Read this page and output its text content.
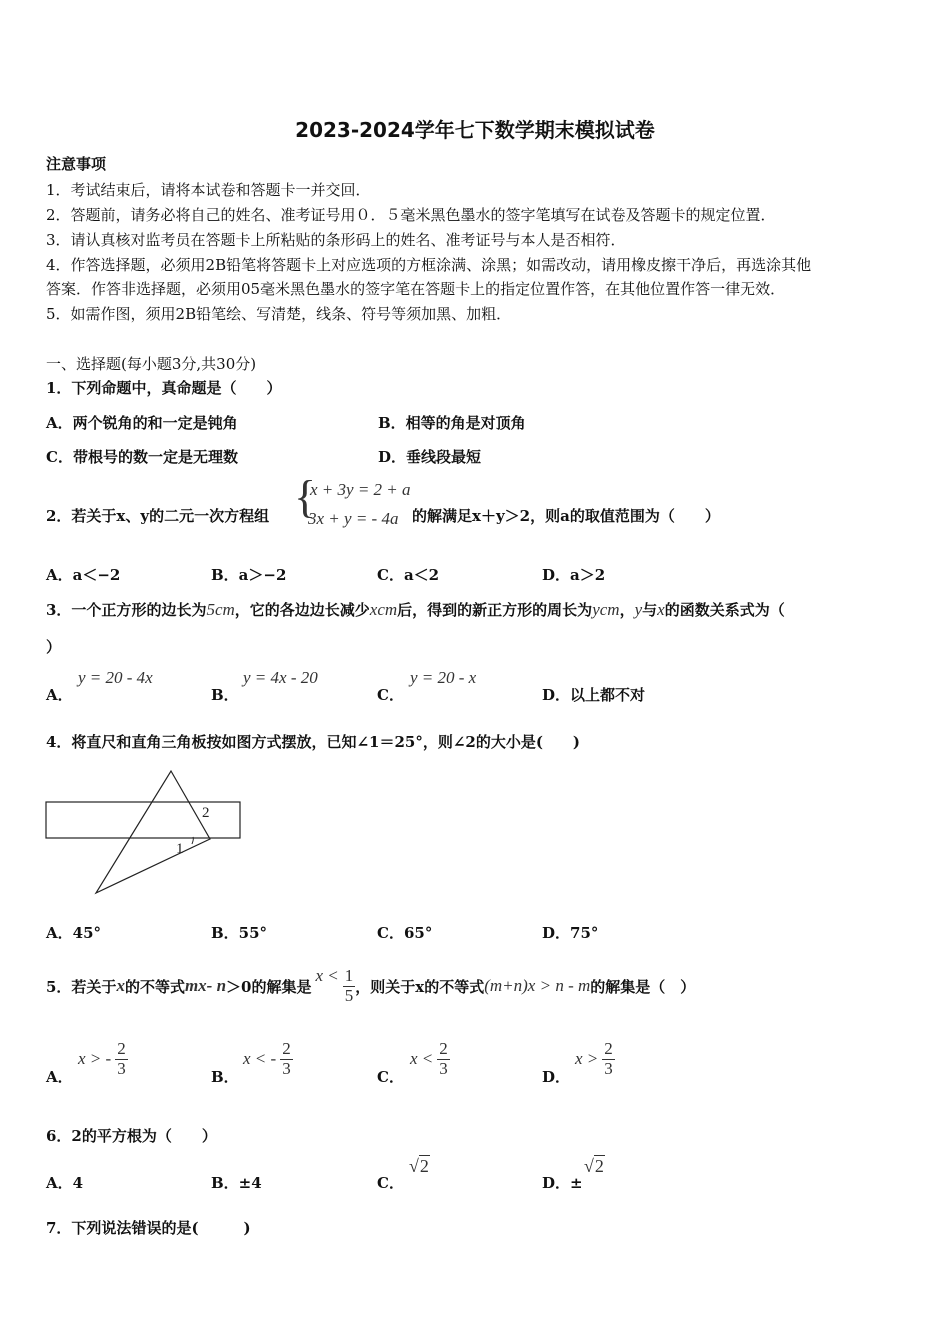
2023-2024学年七下数学期末模拟试卷
注意事项
1．考试结束后，请将本试卷和答题卡一并交回．
2．答题前，请务必将自己的姓名、准考证号用０．５毫米黑色墨水的签字笔填写在试卷及答题卡的规定位置．
3．请认真核对监考员在答题卡上所粘贴的条形码上的姓名、准考证号与本人是否相符．
4．作答选择题，必须用2B铅笔将答题卡上对应选项的方框涂满、涂黑；如需改动，请用橡皮擦干净后，再选涂其他
答案．作答非选择题，必须用05毫米黑色墨水的签字笔在答题卡上的指定位置作答，在其他位置作答一律无效．
5．如需作图，须用2B铅笔绘、写清楚，线条、符号等须加黑、加粗．
一、选择题(每小题3分,共30分)
1．下列命题中，真命题是（　　）
A．两个锐角的和一定是钝角	B．相等的角是对顶角
C．带根号的数一定是无理数	D．垂线段最短
2．若关于x、y的二元一次方程组 {
x + 3y = 2 + a
3x + y = - 4a 的解满足x＋y＞2，则a的取值范围为（　　）
A．a＜−2	B．a＞−2	C．a＜2	D．a＞2
3．一个正方形的边长为5cm，它的各边边长减少xcm后，得到的新正方形的周长为ycm，y与x的函数关系式为（
）
A．
y = 20 - 4x
B．
y = 4x - 20
C．
y = 20 - x
D．以上都不对
4．将直尺和直角三角板按如图方式摆放，已知∠1＝25°，则∠2的大小是(　　)
2
1
A．45°	B．55°	C．65°	D．75°
5．若关于 x 的不等式 mx- n ＞0的解集是
$x < \frac{1}{5}$ ，则关于x的不等式 (m+n)x > n - m 的解集是（　）
A．
x > - $\frac{2}{3}$	B．
x < - $\frac{2}{3}$	C．
$x < \frac{2}{3}$	D．
$x > \frac{2}{3}$
6．2的平方根为（　　）
A．4	B．±4	C．
√2
D．±
√2
7．下列说法错误的是(　　　)
